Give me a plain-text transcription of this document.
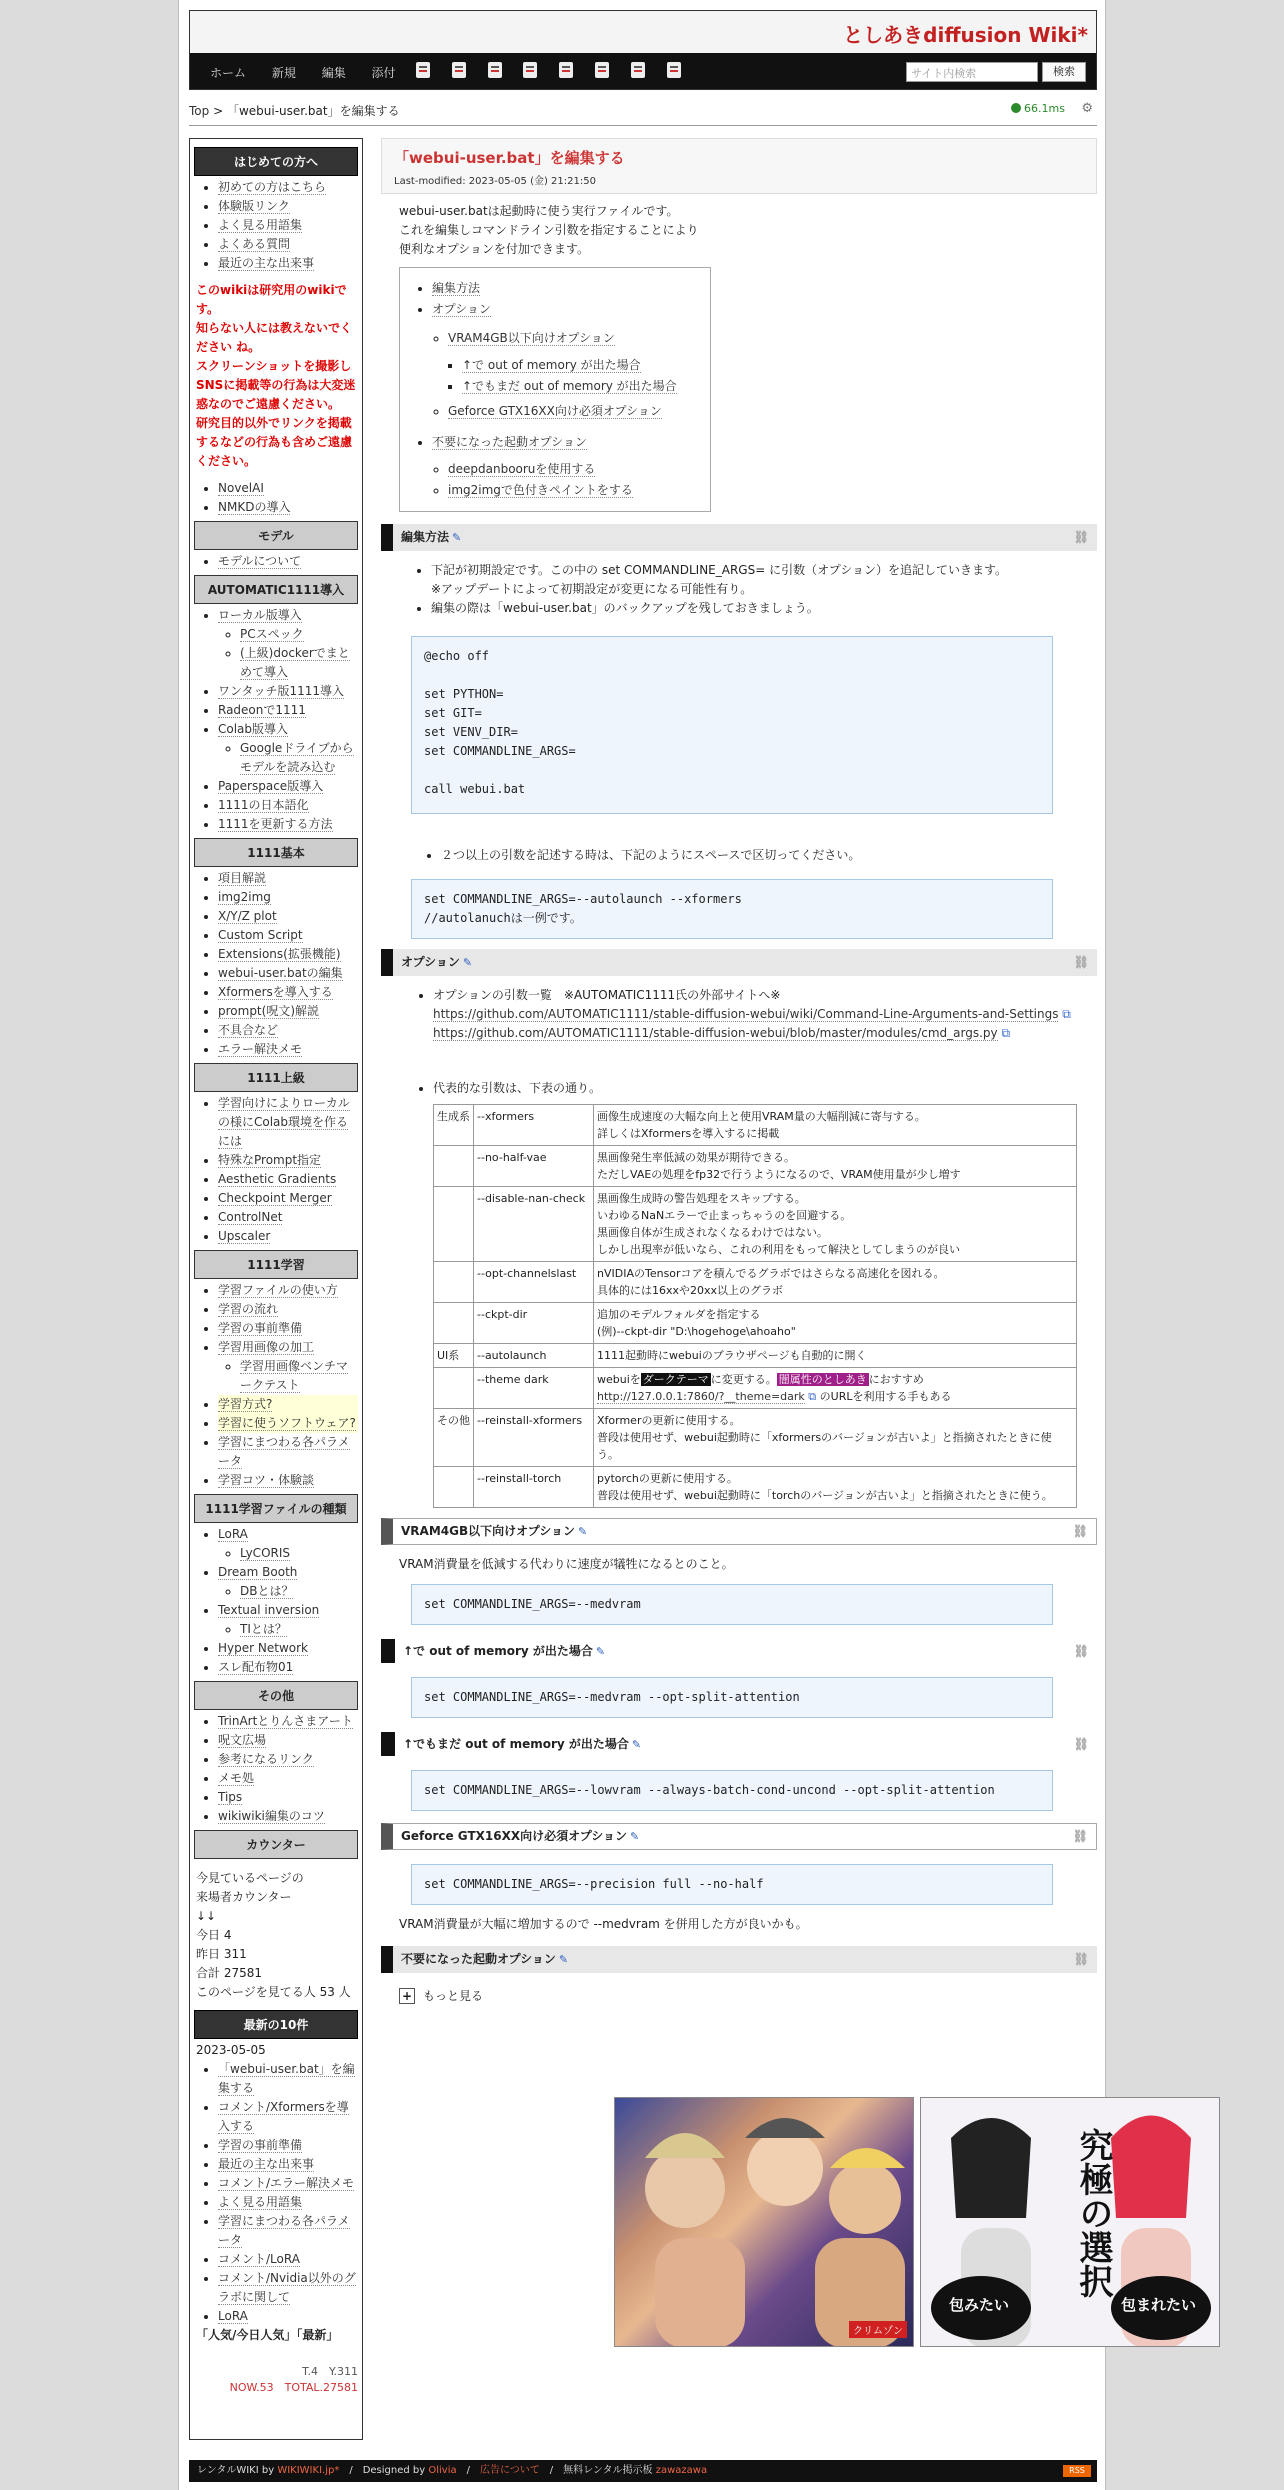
としあきdiffusion Wiki*
ホーム 新規 編集 添付
	サイト内検索	検索
Top > 「webui-user.bat」を編集する	66.1ms ⚙
はじめての方へ
• 初めての方はこちら
• 体験版リンク
• よく見る用語集
• よくある質問
• 最近の主な出来事
このwikiは研究用のwikiです。
知らない人には教えないでください ね。
スクリーンショットを撮影しSNSに掲載等の行為は大変迷惑なのでご遠慮ください。
研究目的以外でリンクを掲載するなどの行為も含めご遠慮ください。
• NovelAI
• NMKDの導入
モデル
• モデルについて
AUTOMATIC1111導入
• ローカル版導入
◦ PCスペック
◦ (上級)dockerでまとめて導入
• ワンタッチ版1111導入
• Radeonで1111
• Colab版導入
◦ Googleドライブからモデルを読み込む
• Paperspace版導入
• 1111の日本語化
• 1111を更新する方法
1111基本
• 項目解説
• img2img
• X/Y/Z plot
• Custom Script
• Extensions(拡張機能)
• webui-user.batの編集
• Xformersを導入する
• prompt(呪文)解説
• 不具合など
• エラー解決メモ
1111上級
• 学習向けによりローカルの様にColab環境を作るには
• 特殊なPrompt指定
• Aesthetic Gradients
• Checkpoint Merger
• ControlNet
• Upscaler
1111学習
• 学習ファイルの使い方
• 学習の流れ
• 学習の事前準備
• 学習用画像の加工
◦ 学習用画像ベンチマークテスト
• 学習方式?
• 学習に使うソフトウェア?
• 学習にまつわる各パラメータ
• 学習コツ・体験談
1111学習ファイルの種類
• LoRA
◦ LyCORIS
• Dream Booth
◦ DBとは？
• Textual inversion
◦ TIとは？
• Hyper Network
• スレ配布物01
その他
• TrinArtとりんさまアート
• 呪文広場
• 参考になるリンク
• メモ処
• Tips
• wikiwiki編集のコツ
カウンター
今見ているページの
来場者カウンター
↓↓
今日 4
昨日 311
合計 27581
このページを見てる人 53 人
最新の10件
2023-05-05
• 「webui-user.bat」を編集する
• コメント/Xformersを導入する
• 学習の事前準備
• 最近の主な出来事
• コメント/エラー解決メモ
• よく見る用語集
• 学習にまつわる各パラメータ
• コメント/LoRA
• コメント/Nvidia以外のグラボに関して
• LoRA
「人気/今日人気」「最新」
T.4　Y.311
NOW.53　TOTAL.27581
「webui-user.bat」を編集する
Last-modified: 2023-05-05 (金) 21:21:50
webui-user.batは起動時に使う実行ファイルです。
これを編集しコマンドライン引数を指定することにより
便利なオプションを付加できます。
• 編集方法
• オプション
◦ VRAM4GB以下向けオプション
▪ ↑で out of memory が出た場合
▪ ↑でもまだ out of memory が出た場合
◦ Geforce GTX16XX向け必須オプション
• 不要になった起動オプション
◦ deepdanbooruを使用する
◦ img2imgで色付きペイントをする
編集方法 ✎	⛓
• 下記が初期設定です。この中の set COMMANDLINE_ARGS= に引数（オプション）を追記していきます。
※アップデートによって初期設定が変更になる可能性有り。
• 編集の際は「webui-user.bat」のバックアップを残しておきましょう。
@echo off

set PYTHON=
set GIT=
set VENV_DIR=
set COMMANDLINE_ARGS=

call webui.bat

• ２つ以上の引数を記述する時は、下記のようにスペースで区切ってください。
set COMMANDLINE_ARGS=--autolaunch --xformers
//autolanuchは一例です。
オプション ✎	⛓
• オプションの引数一覧　※AUTOMATIC1111氏の外部サイトへ※
https://github.com/AUTOMATIC1111/stable-diffusion-webui/wiki/Command-Line-Arguments-and-Settings ⧉
https://github.com/AUTOMATIC1111/stable-diffusion-webui/blob/master/modules/cmd_args.py ⧉
• 代表的な引数は、下表の通り。
生成系	--xformers	画像生成速度の大幅な向上と使用VRAM量の大幅削減に寄与する。
詳しくはXformersを導入するに掲載
	--no-half-vae	黒画像発生率低減の効果が期待できる。
ただしVAEの処理をfp32で行うようになるので、VRAM使用量が少し増す
	--disable-nan-check	黒画像生成時の警告処理をスキップする。
いわゆるNaNエラーで止まっちゃうのを回避する。
黒画像自体が生成されなくなるわけではない。
しかし出現率が低いなら、これの利用をもって解決としてしまうのが良い
	--opt-channelslast	nVIDIAのTensorコアを積んでるグラボではさらなる高速化を図れる。
具体的には16xxや20xx以上のグラボ
	--ckpt-dir	追加のモデルフォルダを指定する
(例)--ckpt-dir "D:\hogehoge\ahoaho"
UI系	--autolaunch	1111起動時にwebuiのブラウザページも自動的に開く
	--theme dark	webuiを ダークテーマ に変更する。 闇属性のとしあき におすすめ
http://127.0.0.1:7860/?__theme=dark ⧉ のURLを利用する手もある
その他	--reinstall-xformers	Xformerの更新に使用する。
普段は使用せず、webui起動時に「xformersのバージョンが古いよ」と指摘されたときに使う。
	--reinstall-torch	pytorchの更新に使用する。
普段は使用せず、webui起動時に「torchのバージョンが古いよ」と指摘されたときに使う。
VRAM4GB以下向けオプション ✎	⛓
VRAM消費量を低減する代わりに速度が犠牲になるとのこと。
set COMMANDLINE_ARGS=--medvram
↑で out of memory が出た場合 ✎	⛓
set COMMANDLINE_ARGS=--medvram --opt-split-attention
↑でもまだ out of memory が出た場合 ✎	⛓
set COMMANDLINE_ARGS=--lowvram --always-batch-cond-uncond --opt-split-attention
Geforce GTX16XX向け必須オプション ✎	⛓
set COMMANDLINE_ARGS=--precision full --no-half
VRAM消費量が大幅に増加するので --medvram を併用した方が良いかも。
不要になった起動オプション ✎	⛓
+ もっと見る
クリムゾン
究極の選択
包みたい	包まれたい
レンタルWIKI by WIKIWIKI.jp*　/　Designed by Olivia　/　広告について　/　無料レンタル掲示板 zawazawa	RSS
